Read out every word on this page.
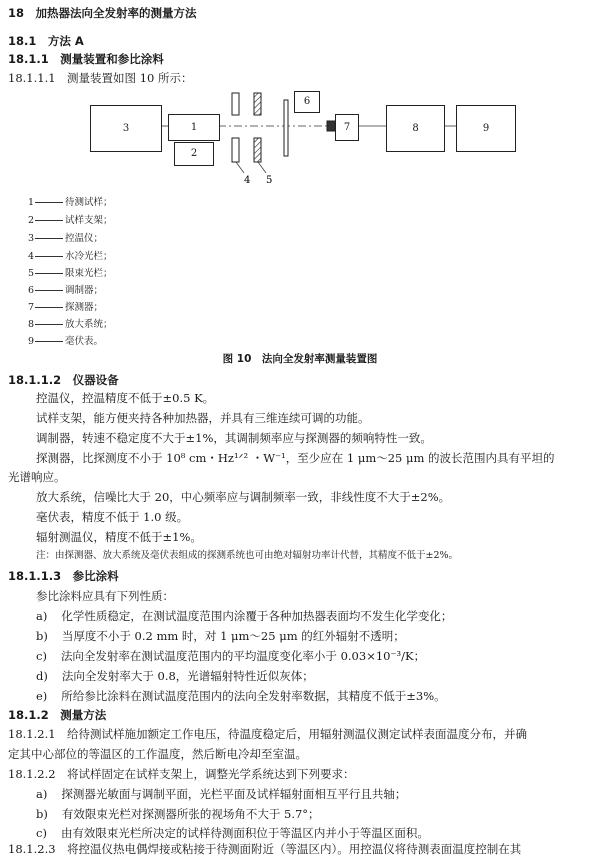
18　加热器法向全发射率的测量方法
18.1　方法 A
18.1.1　测量装置和参比涂料
18.1.1.1　测量装置如图 10 所示：
4 5
3	1
2
6
7	8	9
1	待测试样；
2	试样支架；
3	控温仪；
4	水冷光栏；
5	限束光栏；
6	调制器；
7	探测器；
8	放大系统；
9	毫伏表。
图 10　法向全发射率测量装置图
18.1.1.2　仪器设备
控温仪，控温精度不低于±0.5 K。
试样支架，能方便夹持各种加热器，并具有三维连续可调的功能。
调制器，转速不稳定度不大于±1%，其调制频率应与探测器的频响特性一致。
探测器，比探测度不小于 10⁸ cm・Hz¹ᐟ² ・W⁻¹，至少应在 1 μm～25 μm 的波长范围内具有平坦的
光谱响应。
放大系统，信噪比大于 20，中心频率应与调制频率一致，非线性度不大于±2%。
毫伏表，精度不低于 1.0 级。
辐射测温仪，精度不低于±1%。
注：由探测器、放大系统及毫伏表组成的探测系统也可由绝对辐射功率计代替，其精度不低于±2%。
18.1.1.3　参比涂料
参比涂料应具有下列性质：
a) 化学性质稳定，在测试温度范围内涂覆于各种加热器表面均不发生化学变化；
b) 当厚度不小于 0.2 mm 时，对 1 μm～25 μm 的红外辐射不透明；
c) 法向全发射率在测试温度范围内的平均温度变化率小于 0.03×10⁻³/K；
d) 法向全发射率大于 0.8，光谱辐射特性近似灰体；
e) 所给参比涂料在测试温度范围内的法向全发射率数据，其精度不低于±3%。
18.1.2　测量方法
18.1.2.1　给待测试样施加额定工作电压，待温度稳定后，用辐射测温仪测定试样表面温度分布，并确
定其中心部位的等温区的工作温度，然后断电冷却至室温。
18.1.2.2　将试样固定在试样支架上，调整光学系统达到下列要求：
a) 探测器光敏面与调制平面，光栏平面及试样辐射面相互平行且共轴；
b) 有效限束光栏对探测器所张的视场角不大于 5.7°；
c) 由有效限束光栏所决定的试样待测面积位于等温区内并小于等温区面积。
18.1.2.3　将控温仪热电偶焊接或粘接于待测面附近（等温区内）。用控温仪将待测表面温度控制在其
